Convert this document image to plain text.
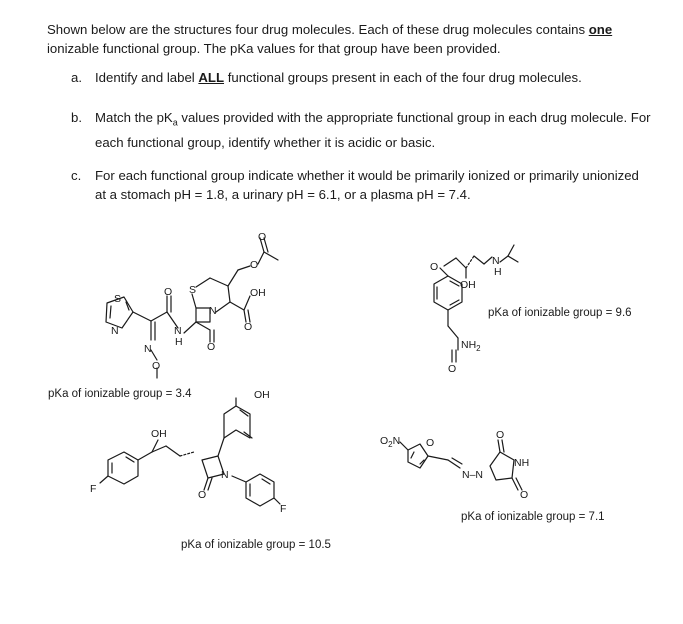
Shown below are the structures four drug molecules. Each of these drug molecules contains one ionizable functional group. The pKa values for that group have been provided.
a. Identify and label ALL functional groups present in each of the four drug molecules.
b. Match the $pK_a$ values provided with the appropriate functional group in each drug molecule. For each functional group, identify whether it is acidic or basic.
c. For each functional group indicate whether it would be primarily ionized or primarily unionized at a stomach pH = 1.8, a urinary pH = 6.1, or a plasma pH = 7.4.
S
N
N
O
O
N
H
S
N
O
OH
O
O
O
O
OH
N
H
$NH_2$
O
OH
F
N
O
OH
F
$O_2N$ O
N–N
O
NH
O
pKa of ionizable group = 3.4
pKa of ionizable group = 9.6
pKa of ionizable group = 10.5
pKa of ionizable group = 7.1
